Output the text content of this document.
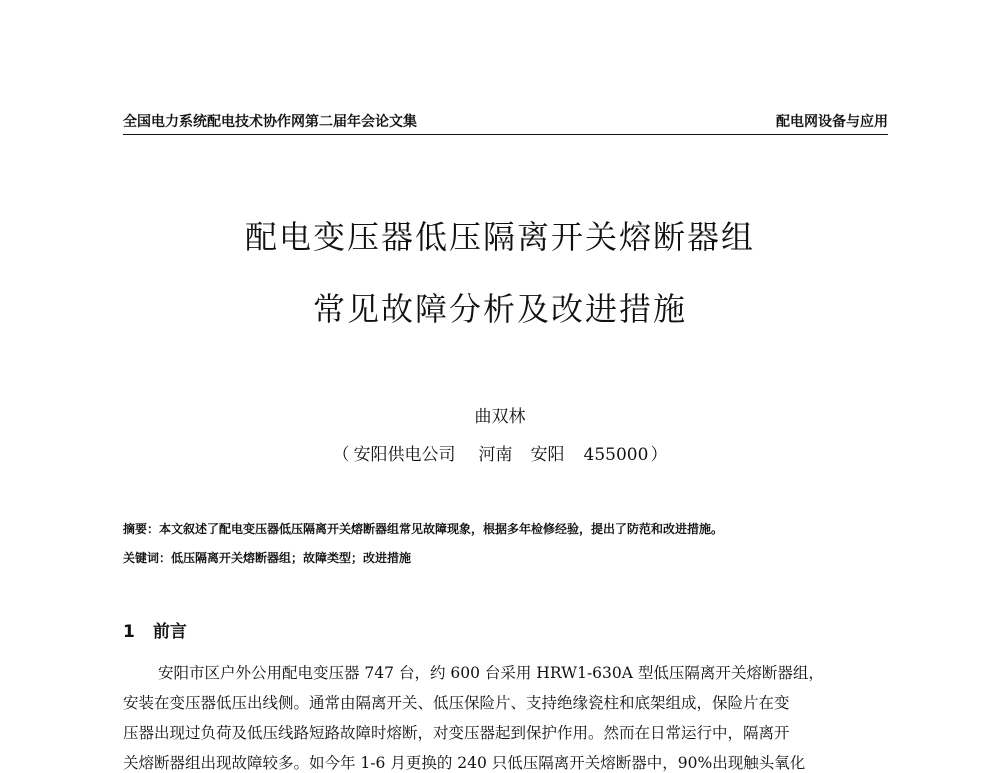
全国电力系统配电技术协作网第二届年会论文集	配电网设备与应用
配电变压器低压隔离开关熔断器组
常见故障分析及改进措施
曲双林
（ 安阳供电公司 河南 安阳 455000 ）
摘要：本文叙述了配电变压器低压隔离开关熔断器组常见故障现象，根据多年检修经验，提出了防范和改进措施。
关键词：低压隔离开关熔断器组；故障类型；改进措施
1 前言
安阳市区户外公用配电变压器 747 台，约 600 台采用 HRW1-630A 型低压隔离开关熔断器组，
安装在变压器低压出线侧。通常由隔离开关、低压保险片、支持绝缘瓷柱和底架组成，保险片在变
压器出现过负荷及低压线路短路故障时熔断，对变压器起到保护作用。然而在日常运行中，隔离开
关熔断器组出现故障较多。如今年 1-6 月更换的 240 只低压隔离开关熔断器中，90%出现触头氧化
